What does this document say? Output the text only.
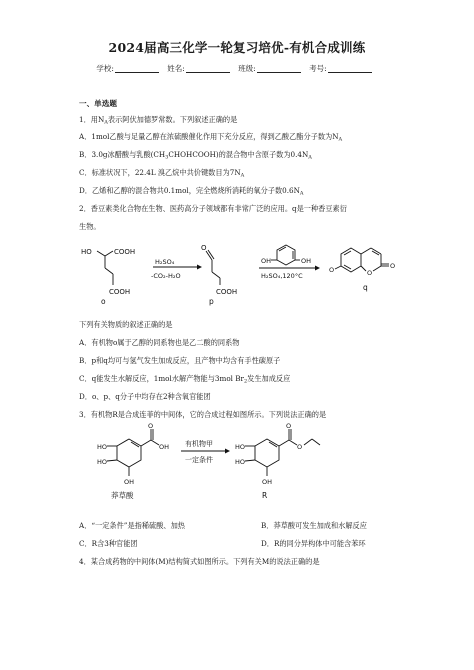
2024届高三化学一轮复习培优-有机合成训练
学校:	姓名:	班级:	考号:
一、单选题
1．用$N_A$表示阿伏加德罗常数。下列叙述正确的是
A．1mol乙酸与足量乙醇在浓硫酸催化作用下充分反应，得到乙酸乙酯分子数为$N_A$
B．3.0g冰醋酸与乳酸$(CH_3CHOHCOOH)$的混合物中含原子数为$0.4N_A$
C．标准状况下，22.4L 溴乙烷中共价键数目为$7N_A$
D．乙烯和乙醇的混合物共0.1mol，完全燃烧所消耗的氧分子数$0.6N_A$
2．香豆素类化合物在生物、医药高分子领域都有非常广泛的应用。q是一种香豆素衍
生物。
HO	COOH
COOH
o
H₂SO₄
-CO₂-H₂O
O
COOH
p
OH	OH
H₂SO₄,120°C	O
O
O
q
下列有关物质的叙述正确的是
A．有机物o属于乙醇的同系物也是乙二酸的同系物
B．p和q均可与氢气发生加成反应，且产物中均含有手性碳原子
C．q能发生水解反应，1mol水解产物能与3mol $Br_2$发生加成反应
D．o、p、q分子中均存在2种含氧官能团
3．有机物R是合成连菲的中间体，它的合成过程如图所示。下列说法正确的是
HO
HO
O
OH
OH
莽草酸
有机物甲
一定条件
HO
HO
O
O
OH
R
A．“一定条件”是指稀硫酸、加热	B．莽草酸可发生加成和水解反应
C．R含3种官能团	D．R的同分异构体中可能含苯环
4．某合成药物的中间体(M)结构简式如图所示。下列有关M的说法正确的是
